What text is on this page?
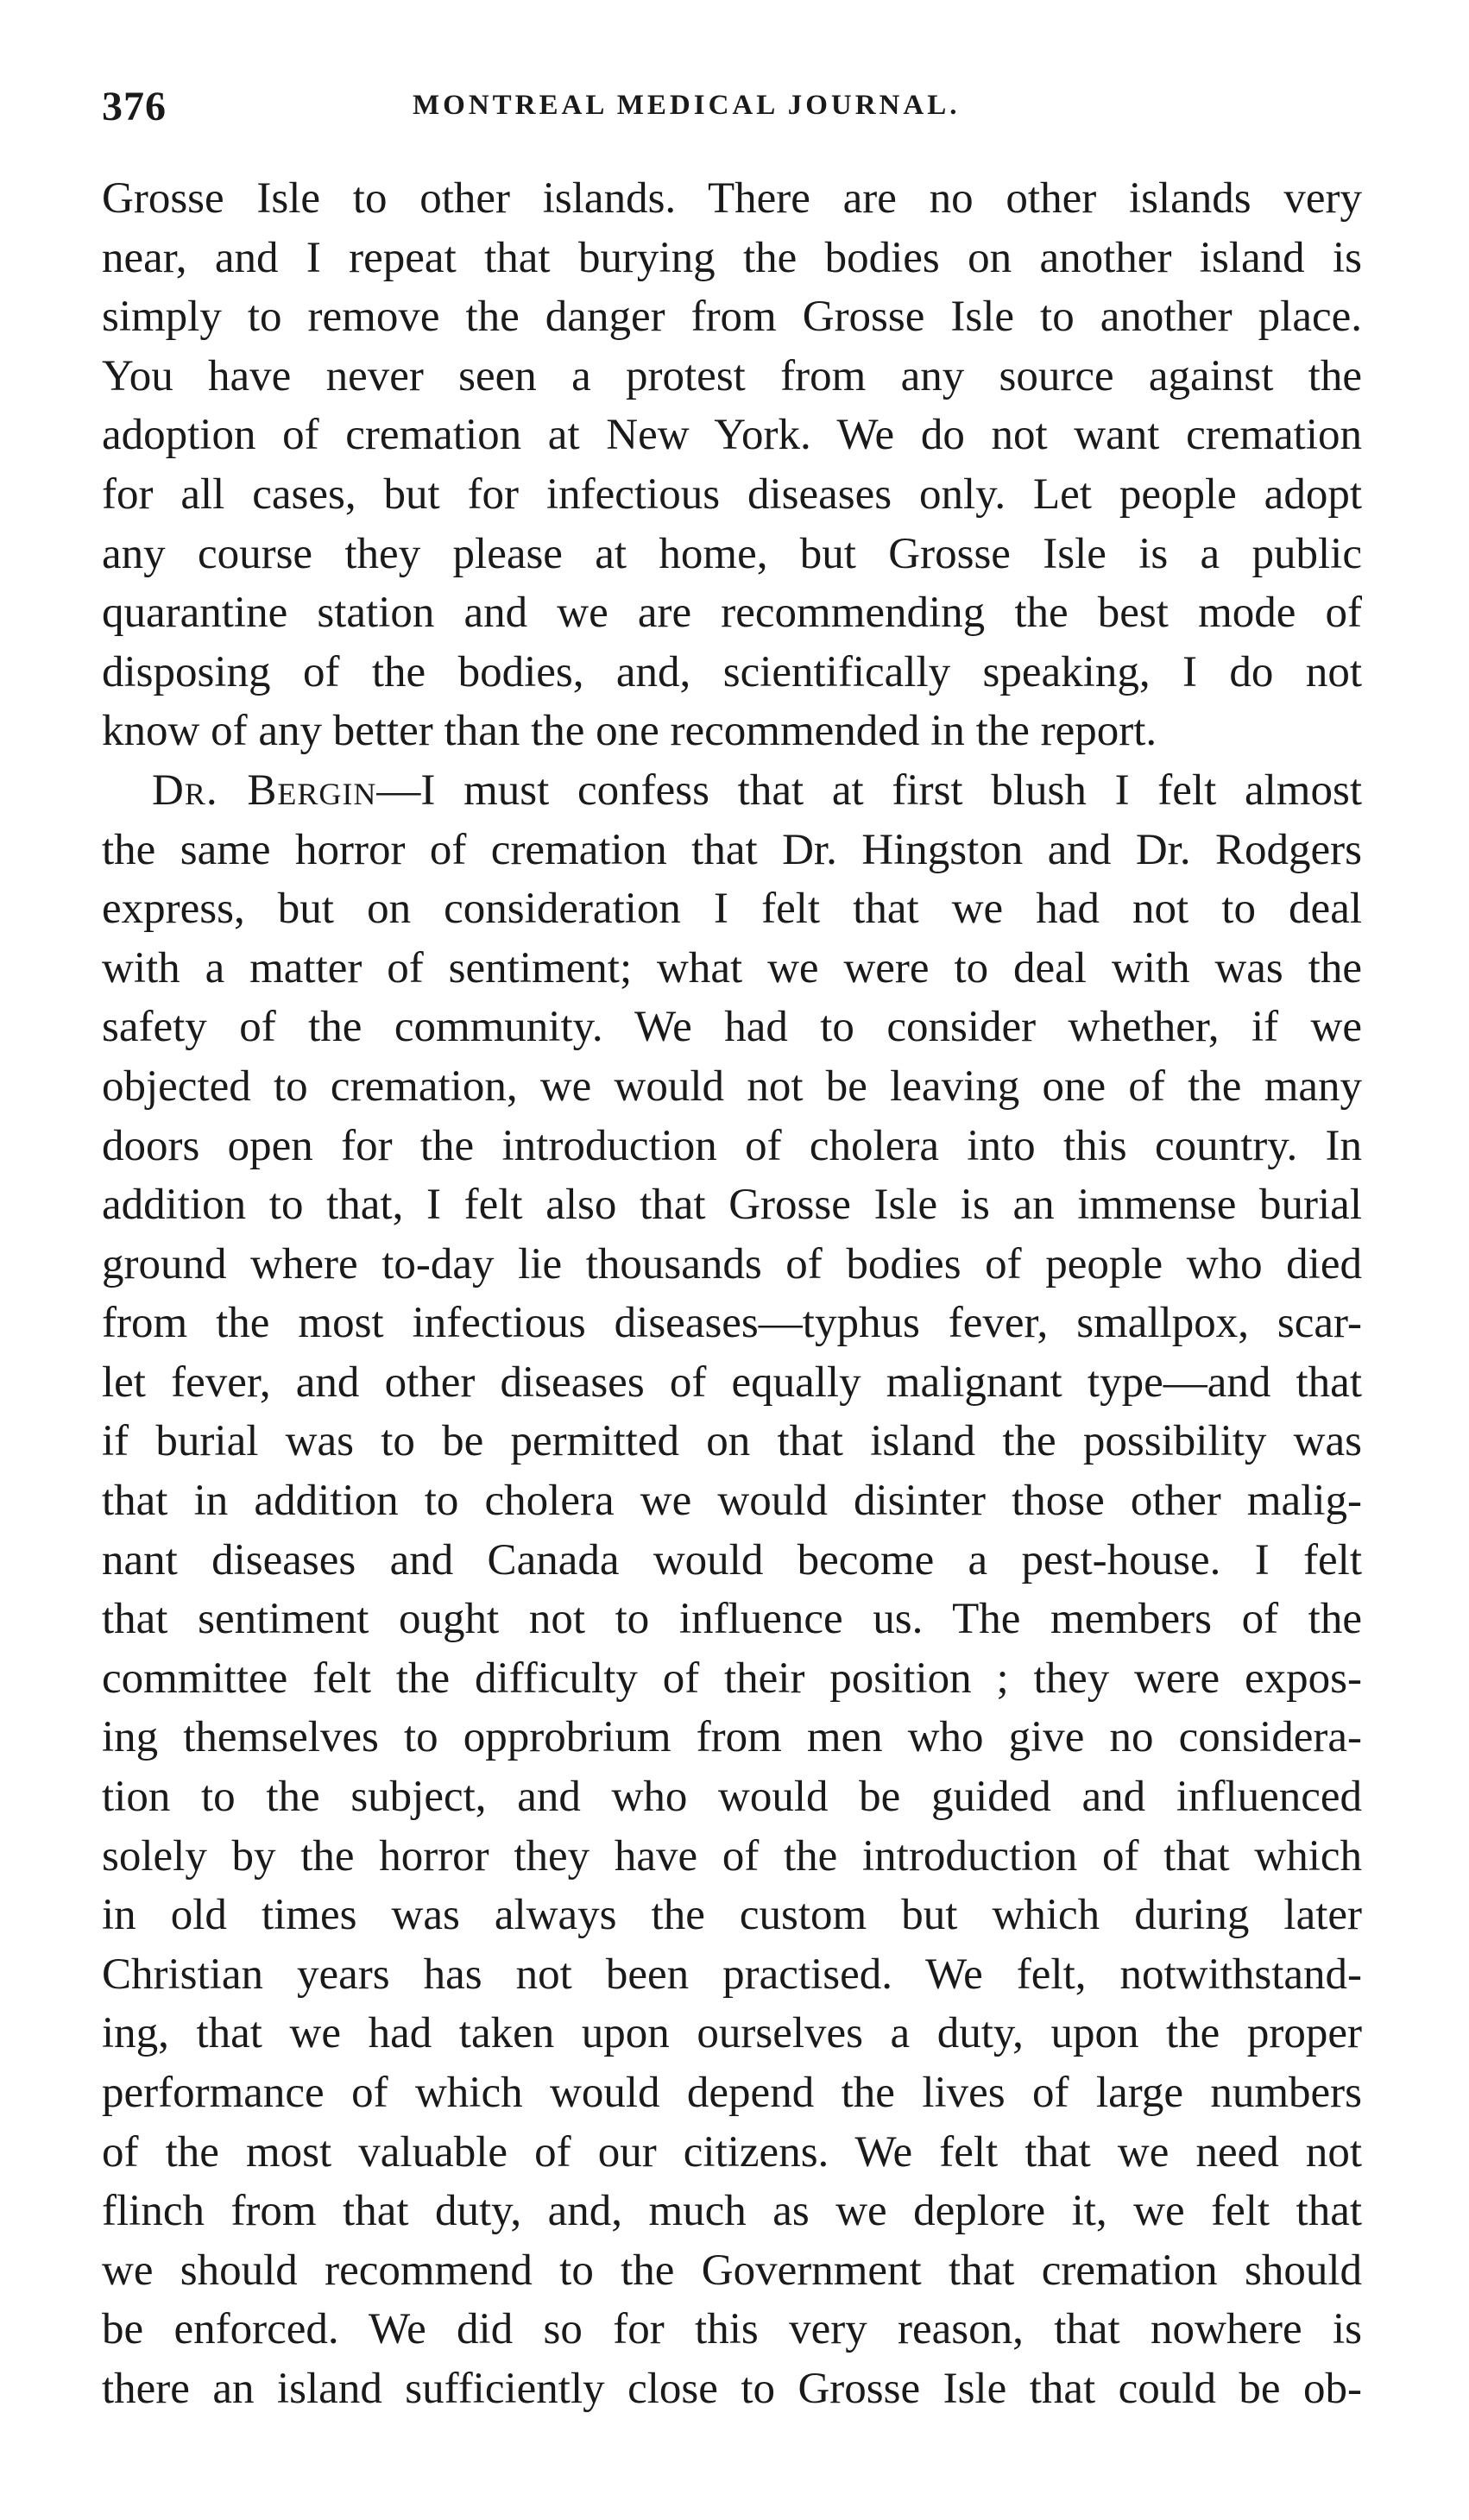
376	MONTREAL MEDICAL JOURNAL.
Grosse Isle to other islands. There are no other islands very
near, and I repeat that burying the bodies on another island is
simply to remove the danger from Grosse Isle to another place.
You have never seen a protest from any source against the
adoption of cremation at New York. We do not want cremation
for all cases, but for infectious diseases only. Let people adopt
any course they please at home, but Grosse Isle is a public
quarantine station and we are recommending the best mode of
disposing of the bodies, and, scientifically speaking, I do not
know of any better than the one recommended in the report.
Dr. Bergin—I must confess that at first blush I felt almost
the same horror of cremation that Dr. Hingston and Dr. Rodgers
express, but on consideration I felt that we had not to deal
with a matter of sentiment; what we were to deal with was the
safety of the community. We had to consider whether, if we
objected to cremation, we would not be leaving one of the many
doors open for the introduction of cholera into this country. In
addition to that, I felt also that Grosse Isle is an immense burial
ground where to-day lie thousands of bodies of people who died
from the most infectious diseases—typhus fever, smallpox, scar-
let fever, and other diseases of equally malignant type—and that
if burial was to be permitted on that island the possibility was
that in addition to cholera we would disinter those other malig-
nant diseases and Canada would become a pest-house. I felt
that sentiment ought not to influence us. The members of the
committee felt the difficulty of their position ; they were expos-
ing themselves to opprobrium from men who give no considera-
tion to the subject, and who would be guided and influenced
solely by the horror they have of the introduction of that which
in old times was always the custom but which during later
Christian years has not been practised. We felt, notwithstand-
ing, that we had taken upon ourselves a duty, upon the proper
performance of which would depend the lives of large numbers
of the most valuable of our citizens. We felt that we need not
flinch from that duty, and, much as we deplore it, we felt that
we should recommend to the Government that cremation should
be enforced. We did so for this very reason, that nowhere is
there an island sufficiently close to Grosse Isle that could be ob-
